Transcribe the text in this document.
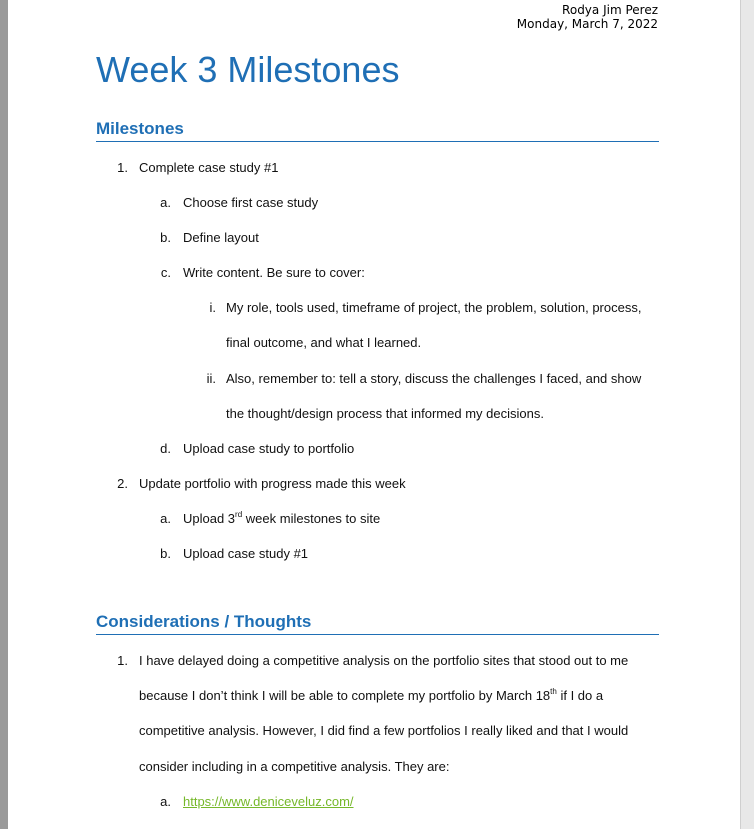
Rodya Jim Perez
Monday, March 7, 2022
Week 3 Milestones
Milestones
1. Complete case study #1
a. Choose first case study
b. Define layout
c. Write content. Be sure to cover:
i. My role, tools used, timeframe of project, the problem, solution, process,
final outcome, and what I learned.
ii. Also, remember to: tell a story, discuss the challenges I faced, and show
the thought/design process that informed my decisions.
d. Upload case study to portfolio
2. Update portfolio with progress made this week
a. Upload 3rd week milestones to site
b. Upload case study #1
Considerations / Thoughts
1. I have delayed doing a competitive analysis on the portfolio sites that stood out to me
because I don’t think I will be able to complete my portfolio by March 18th if I do a
competitive analysis. However, I did find a few portfolios I really liked and that I would
consider including in a competitive analysis. They are:
a. https://www.deniceveluz.com/
